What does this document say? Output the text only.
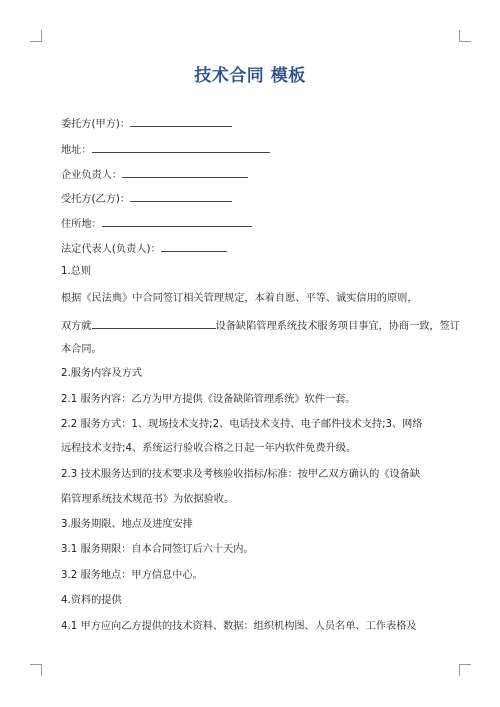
技术合同 模板
委托方(甲方)：
地址：
企业负责人：
受托方(乙方)：
住所地：
法定代表人(负责人)：
1.总则
根据《民法典》中合同签订相关管理规定，本着自愿、平等、诚实信用的原则，
双方就	设备缺陷管理系统技术服务项目事宜，协商一致，签订
本合同。
2.服务内容及方式
2.1 服务内容：乙方为甲方提供《设备缺陷管理系统》软件一套。
2.2 服务方式：1、现场技术支持;2、电话技术支持、电子邮件技术支持;3、网络
远程技术支持;4、系统运行验收合格之日起一年内软件免费升级。
2.3 技术服务达到的技术要求及考核验收指标/标准：按甲乙双方确认的《设备缺
陷管理系统技术规范书》为依据验收。
3.服务期限、地点及进度安排
3.1 服务期限：自本合同签订后六十天内。
3.2 服务地点：甲方信息中心。
4.资料的提供
4.1 甲方应向乙方提供的技术资料、数据：组织机构图、人员名单、工作表格及
